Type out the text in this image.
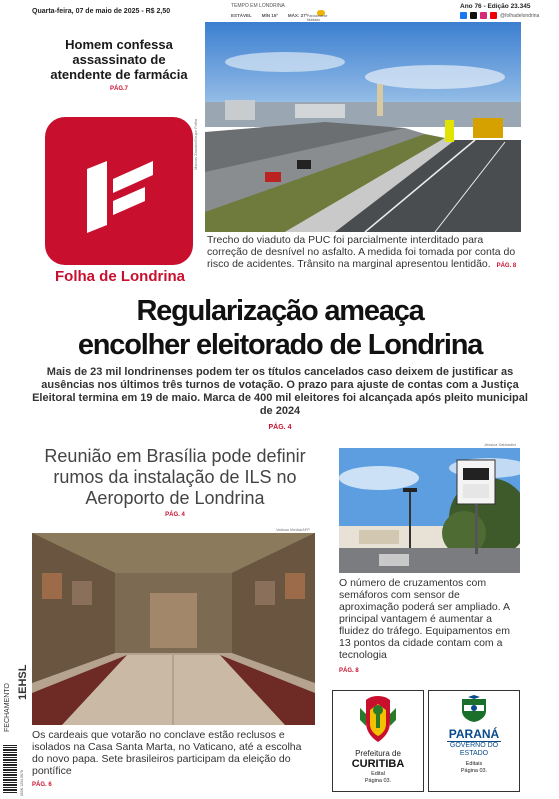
Quarta-feira, 07 de maio de 2025 - R$ 2,50
TEMPO EM LONDRINA
ESTÁVEL MÍN 15º MÁX: 27º Parcialmente Nublado
Ano 76 - Edição 23.345
@folhadelondrina
Homem confessa assassinato de atendente de farmácia
PÁG.7
Folha de Londrina
Marcos Zanutto/Grupo Folha
Trecho do viaduto da PUC foi parcialmente interditado para correção de desnível no asfalto. A medida foi tomada por conta do risco de acidentes. Trânsito na marginal apresentou lentidão. PÁG. 8
Regularização ameaça
encolher eleitorado de Londrina
Mais de 23 mil londrinenses podem ter os títulos cancelados caso deixem de justificar as ausências nos últimos três turnos de votação. O prazo para ajuste de contas com a Justiça Eleitoral termina em 19 de maio. Marca de 400 mil eleitores foi alcançada após pleito municipal de 2024
PÁG. 4
Reunião em Brasília pode definir rumos da instalação de ILS no Aeroporto de Londrina
PÁG. 4
Vatican Media/AFP
Os cardeais que votarão no conclave estão reclusos e isolados na Casa Santa Marta, no Vaticano, até a escolha do novo papa. Sete brasileiros participam da eleição do pontífice
PÁG. 6
Jéssica Sabbadini
O número de cruzamentos com semáforos com sensor de aproximação poderá ser ampliado. A principal vantagem é aumentar a fluidez do tráfego. Equipamentos em 13 pontos da cidade contam com a tecnologia
PÁG. 8
Prefeitura de
CURITIBA
Edital
Página 03.
PARANÁ
GOVERNO DO ESTADO
Editais
Página 03.
FECHAMENTO
1EHSL
ISSN 1234-5678
